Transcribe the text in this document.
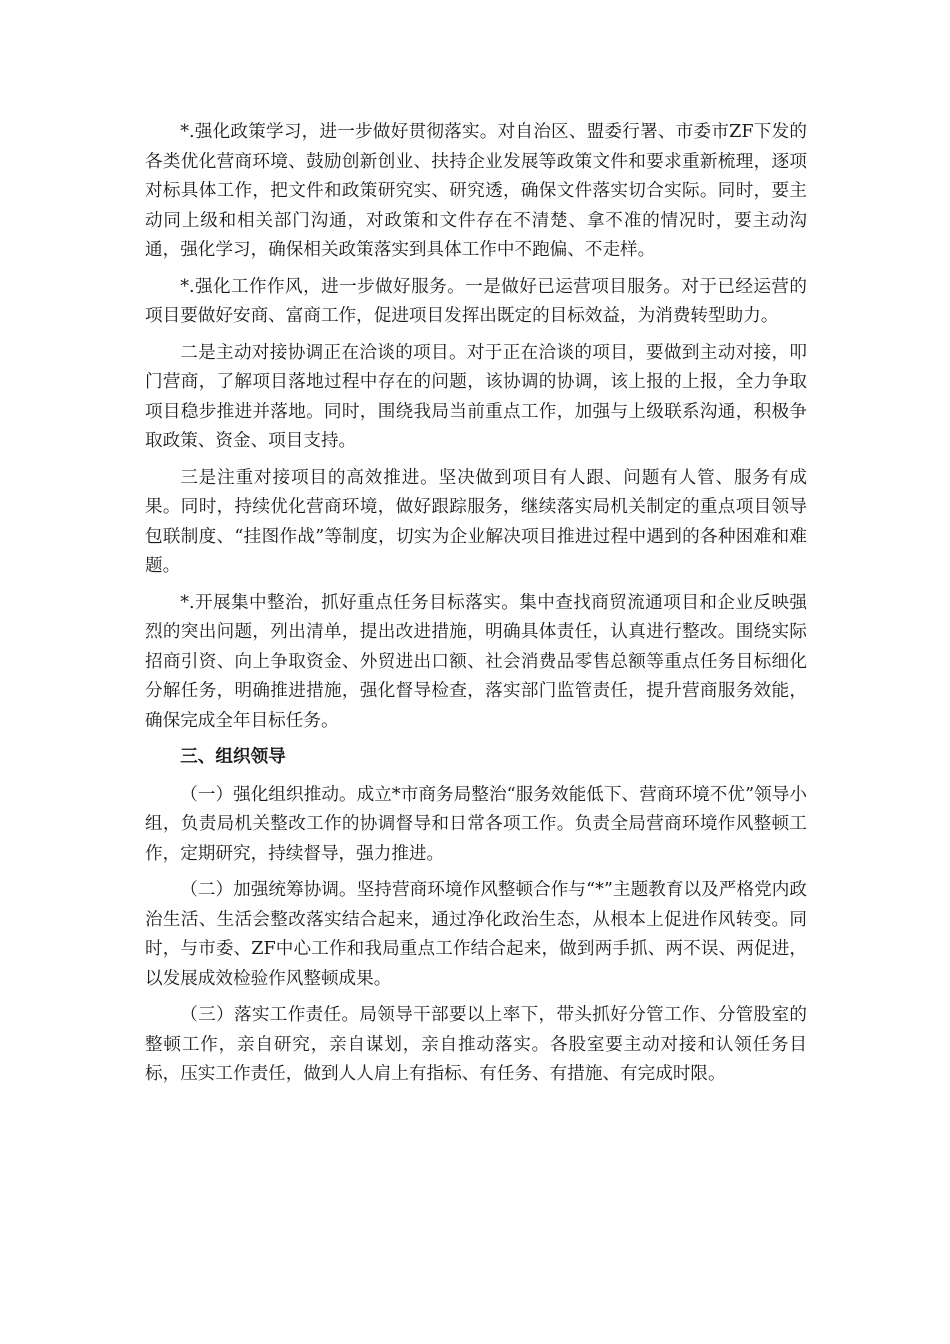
*.强化政策学习，进一步做好贯彻落实。对自治区、盟委行署、市委市ZF下发的各类优化营商环境、鼓励创新创业、扶持企业发展等政策文件和要求重新梳理，逐项对标具体工作，把文件和政策研究实、研究透，确保文件落实切合实际。同时，要主动同上级和相关部门沟通，对政策和文件存在不清楚、拿不准的情况时，要主动沟通，强化学习，确保相关政策落实到具体工作中不跑偏、不走样。

*.强化工作作风，进一步做好服务。一是做好已运营项目服务。对于已经运营的项目要做好安商、富商工作，促进项目发挥出既定的目标效益，为消费转型助力。

二是主动对接协调正在洽谈的项目。对于正在洽谈的项目，要做到主动对接，叩门营商，了解项目落地过程中存在的问题，该协调的协调，该上报的上报，全力争取项目稳步推进并落地。同时，围绕我局当前重点工作，加强与上级联系沟通，积极争取政策、资金、项目支持。

三是注重对接项目的高效推进。坚决做到项目有人跟、问题有人管、服务有成果。同时，持续优化营商环境，做好跟踪服务，继续落实局机关制定的重点项目领导包联制度、“挂图作战”等制度，切实为企业解决项目推进过程中遇到的各种困难和难题。

*.开展集中整治，抓好重点任务目标落实。集中查找商贸流通项目和企业反映强烈的突出问题，列出清单，提出改进措施，明确具体责任，认真进行整改。围绕实际招商引资、向上争取资金、外贸进出口额、社会消费品零售总额等重点任务目标细化分解任务，明确推进措施，强化督导检查，落实部门监管责任，提升营商服务效能，确保完成全年目标任务。

三、组织领导

（一）强化组织推动。成立*市商务局整治“服务效能低下、营商环境不优”领导小组，负责局机关整改工作的协调督导和日常各项工作。负责全局营商环境作风整顿工作，定期研究，持续督导，强力推进。

（二）加强统筹协调。坚持营商环境作风整顿合作与“*”主题教育以及严格党内政治生活、生活会整改落实结合起来，通过净化政治生态，从根本上促进作风转变。同时，与市委、ZF中心工作和我局重点工作结合起来，做到两手抓、两不误、两促进，以发展成效检验作风整顿成果。

（三）落实工作责任。局领导干部要以上率下，带头抓好分管工作、分管股室的整顿工作，亲自研究，亲自谋划，亲自推动落实。各股室要主动对接和认领任务目标，压实工作责任，做到人人肩上有指标、有任务、有措施、有完成时限。
